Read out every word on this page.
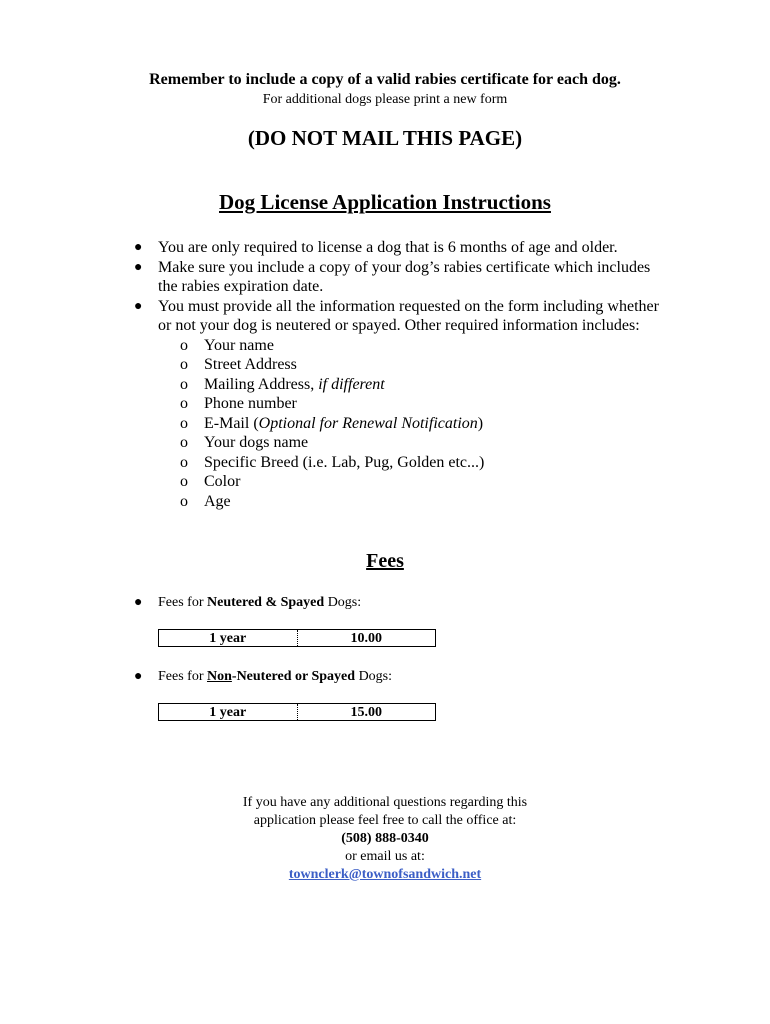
Remember to include a copy of a valid rabies certificate for each dog.
For additional dogs please print a new form
(DO NOT MAIL THIS PAGE)
Dog License Application Instructions
● You are only required to license a dog that is 6 months of age and older.
● Make sure you include a copy of your dog’s rabies certificate which includes the rabies expiration date.
● You must provide all the information requested on the form including whether or not your dog is neutered or spayed. Other required information includes:
o Your name
o Street Address
o Mailing Address, if different
o Phone number
o E-Mail (Optional for Renewal Notification)
o Your dogs name
o Specific Breed (i.e. Lab, Pug, Golden etc...)
o Color
o Age
Fees
● Fees for Neutered & Spayed Dogs:
1 year	10.00
● Fees for Non-Neutered or Spayed Dogs:
1 year	15.00
If you have any additional questions regarding this
application please feel free to call the office at:
(508) 888-0340
or email us at:
townclerk@townofsandwich.net
